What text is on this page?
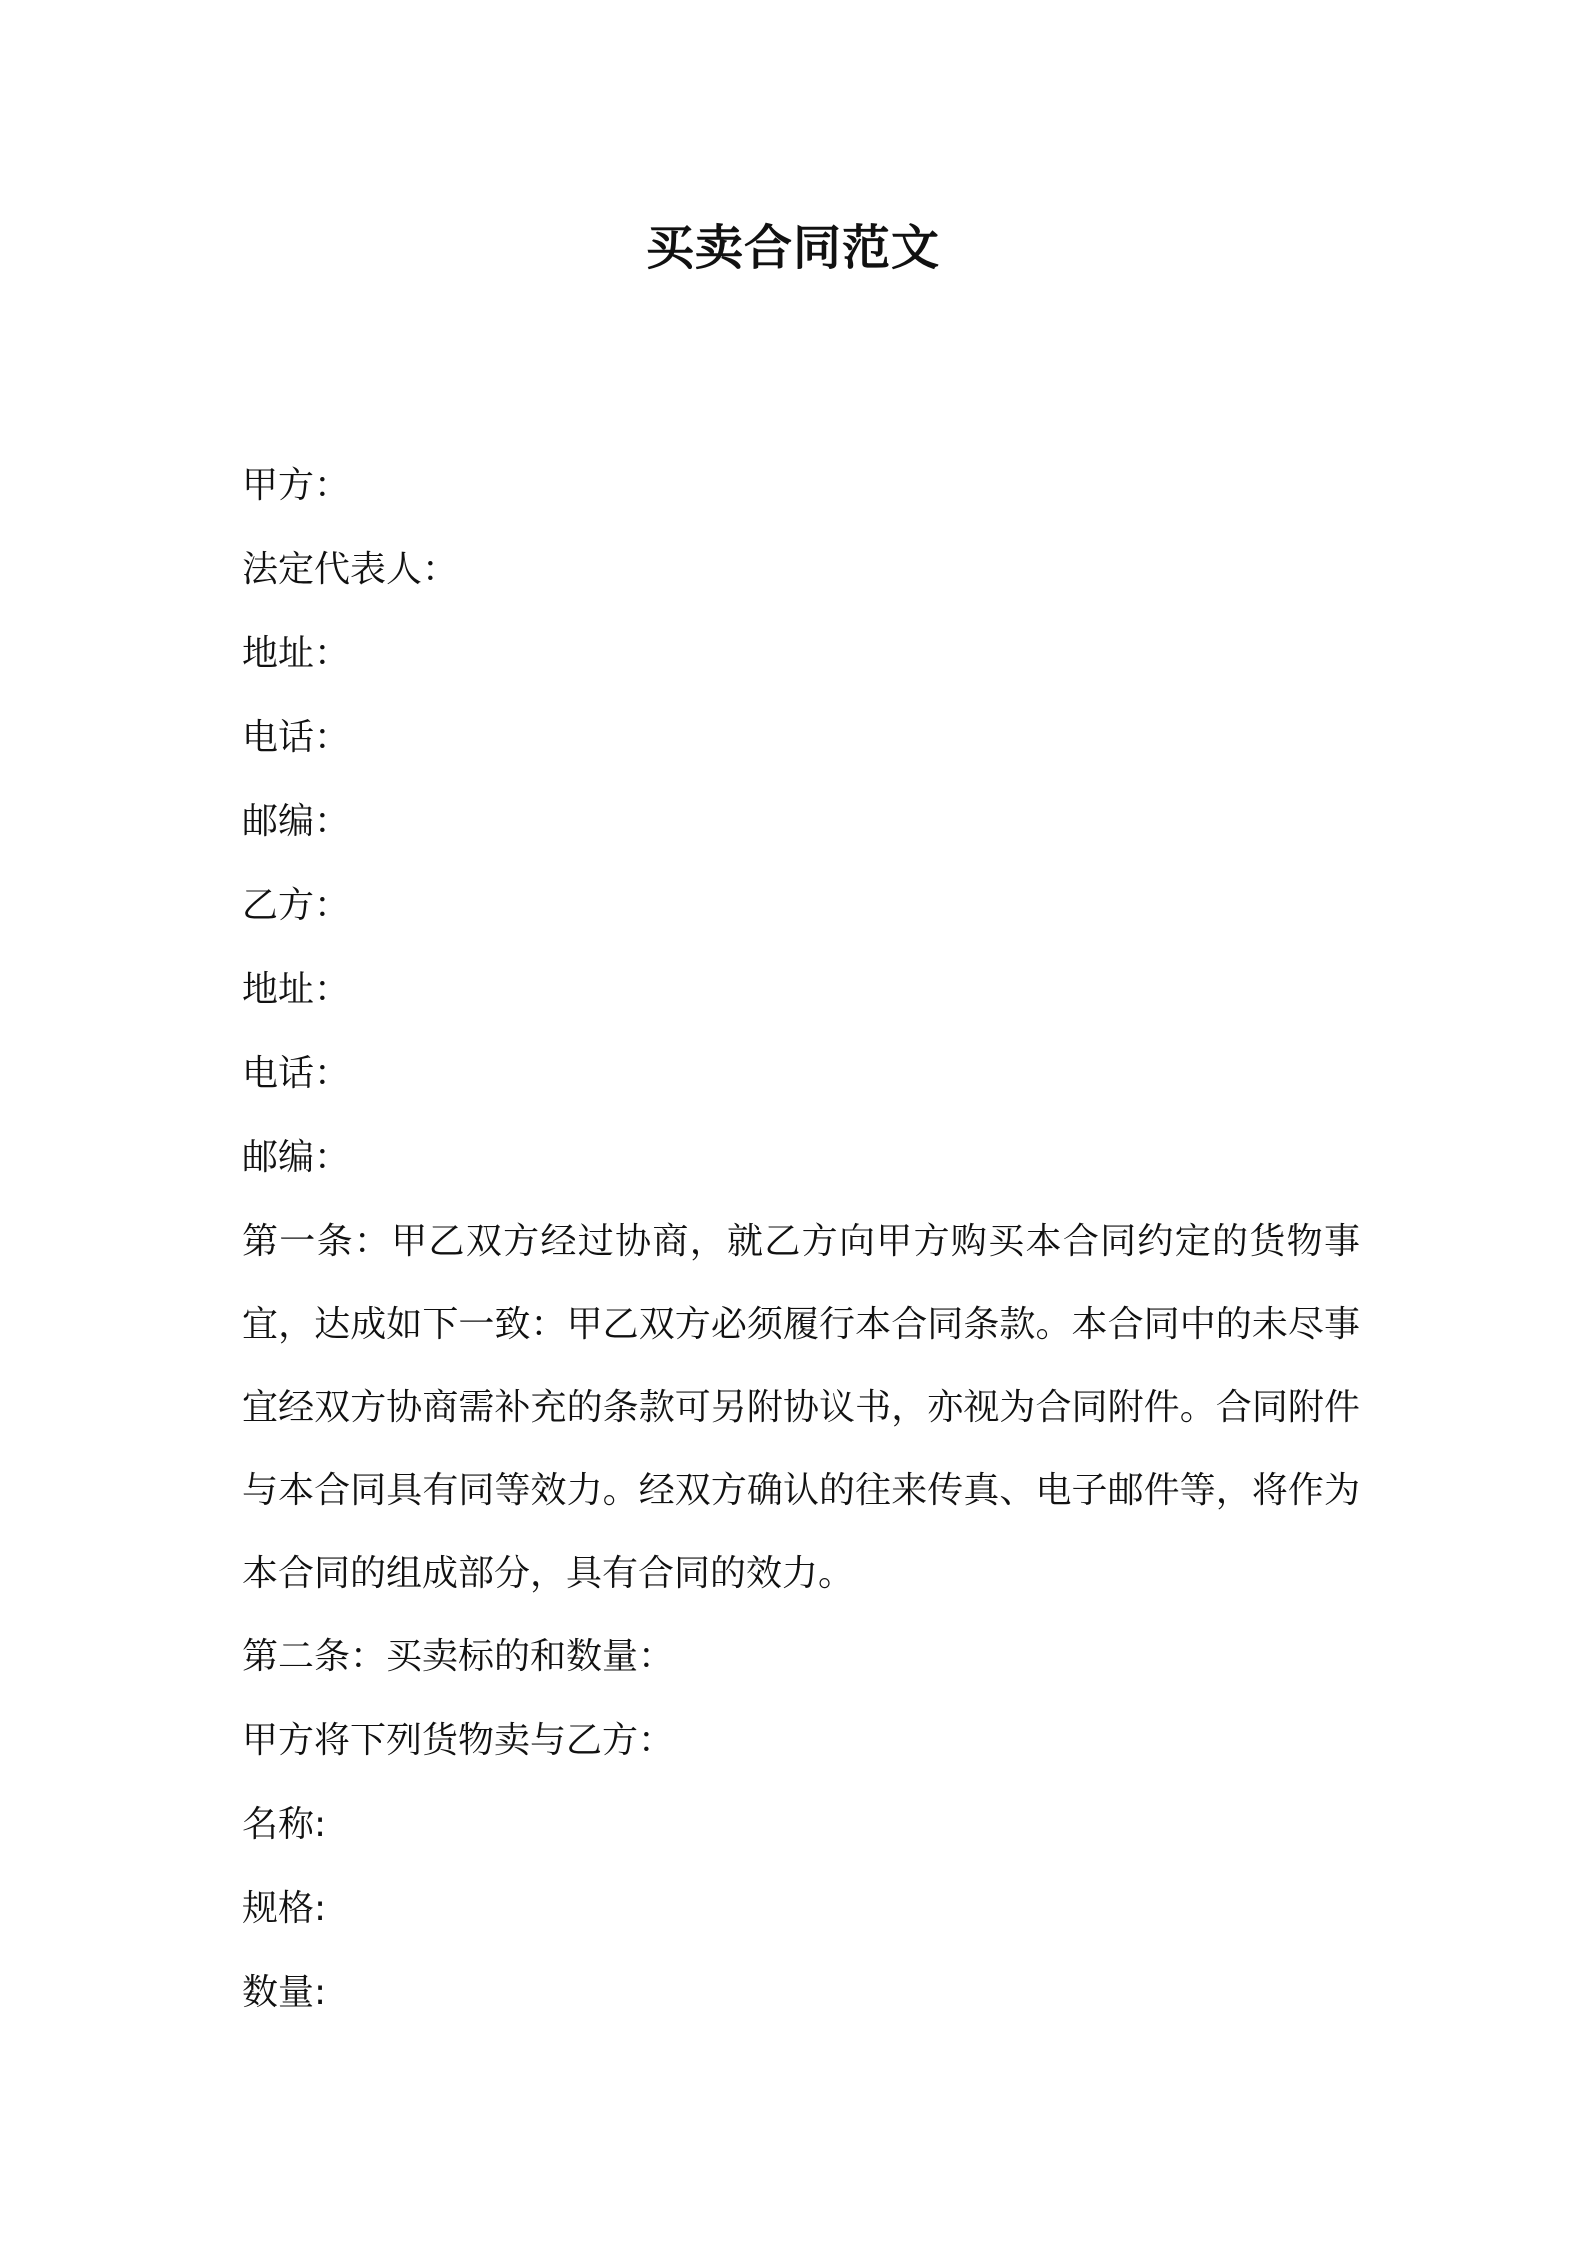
买卖合同范文
甲方：
法定代表人：
地址：
电话：
邮编：
乙方：
地址：
电话：
邮编：
第一条：甲乙双方经过协商，就乙方向甲方购买本合同约定的货物事宜，达成如下一致：甲乙双方必须履行本合同条款。本合同中的未尽事宜经双方协商需补充的条款可另附协议书，亦视为合同附件。合同附件与本合同具有同等效力。经双方确认的往来传真、电子邮件等，将作为本合同的组成部分，具有合同的效力。
第二条：买卖标的和数量：
甲方将下列货物卖与乙方：
名称:
规格:
数量:
